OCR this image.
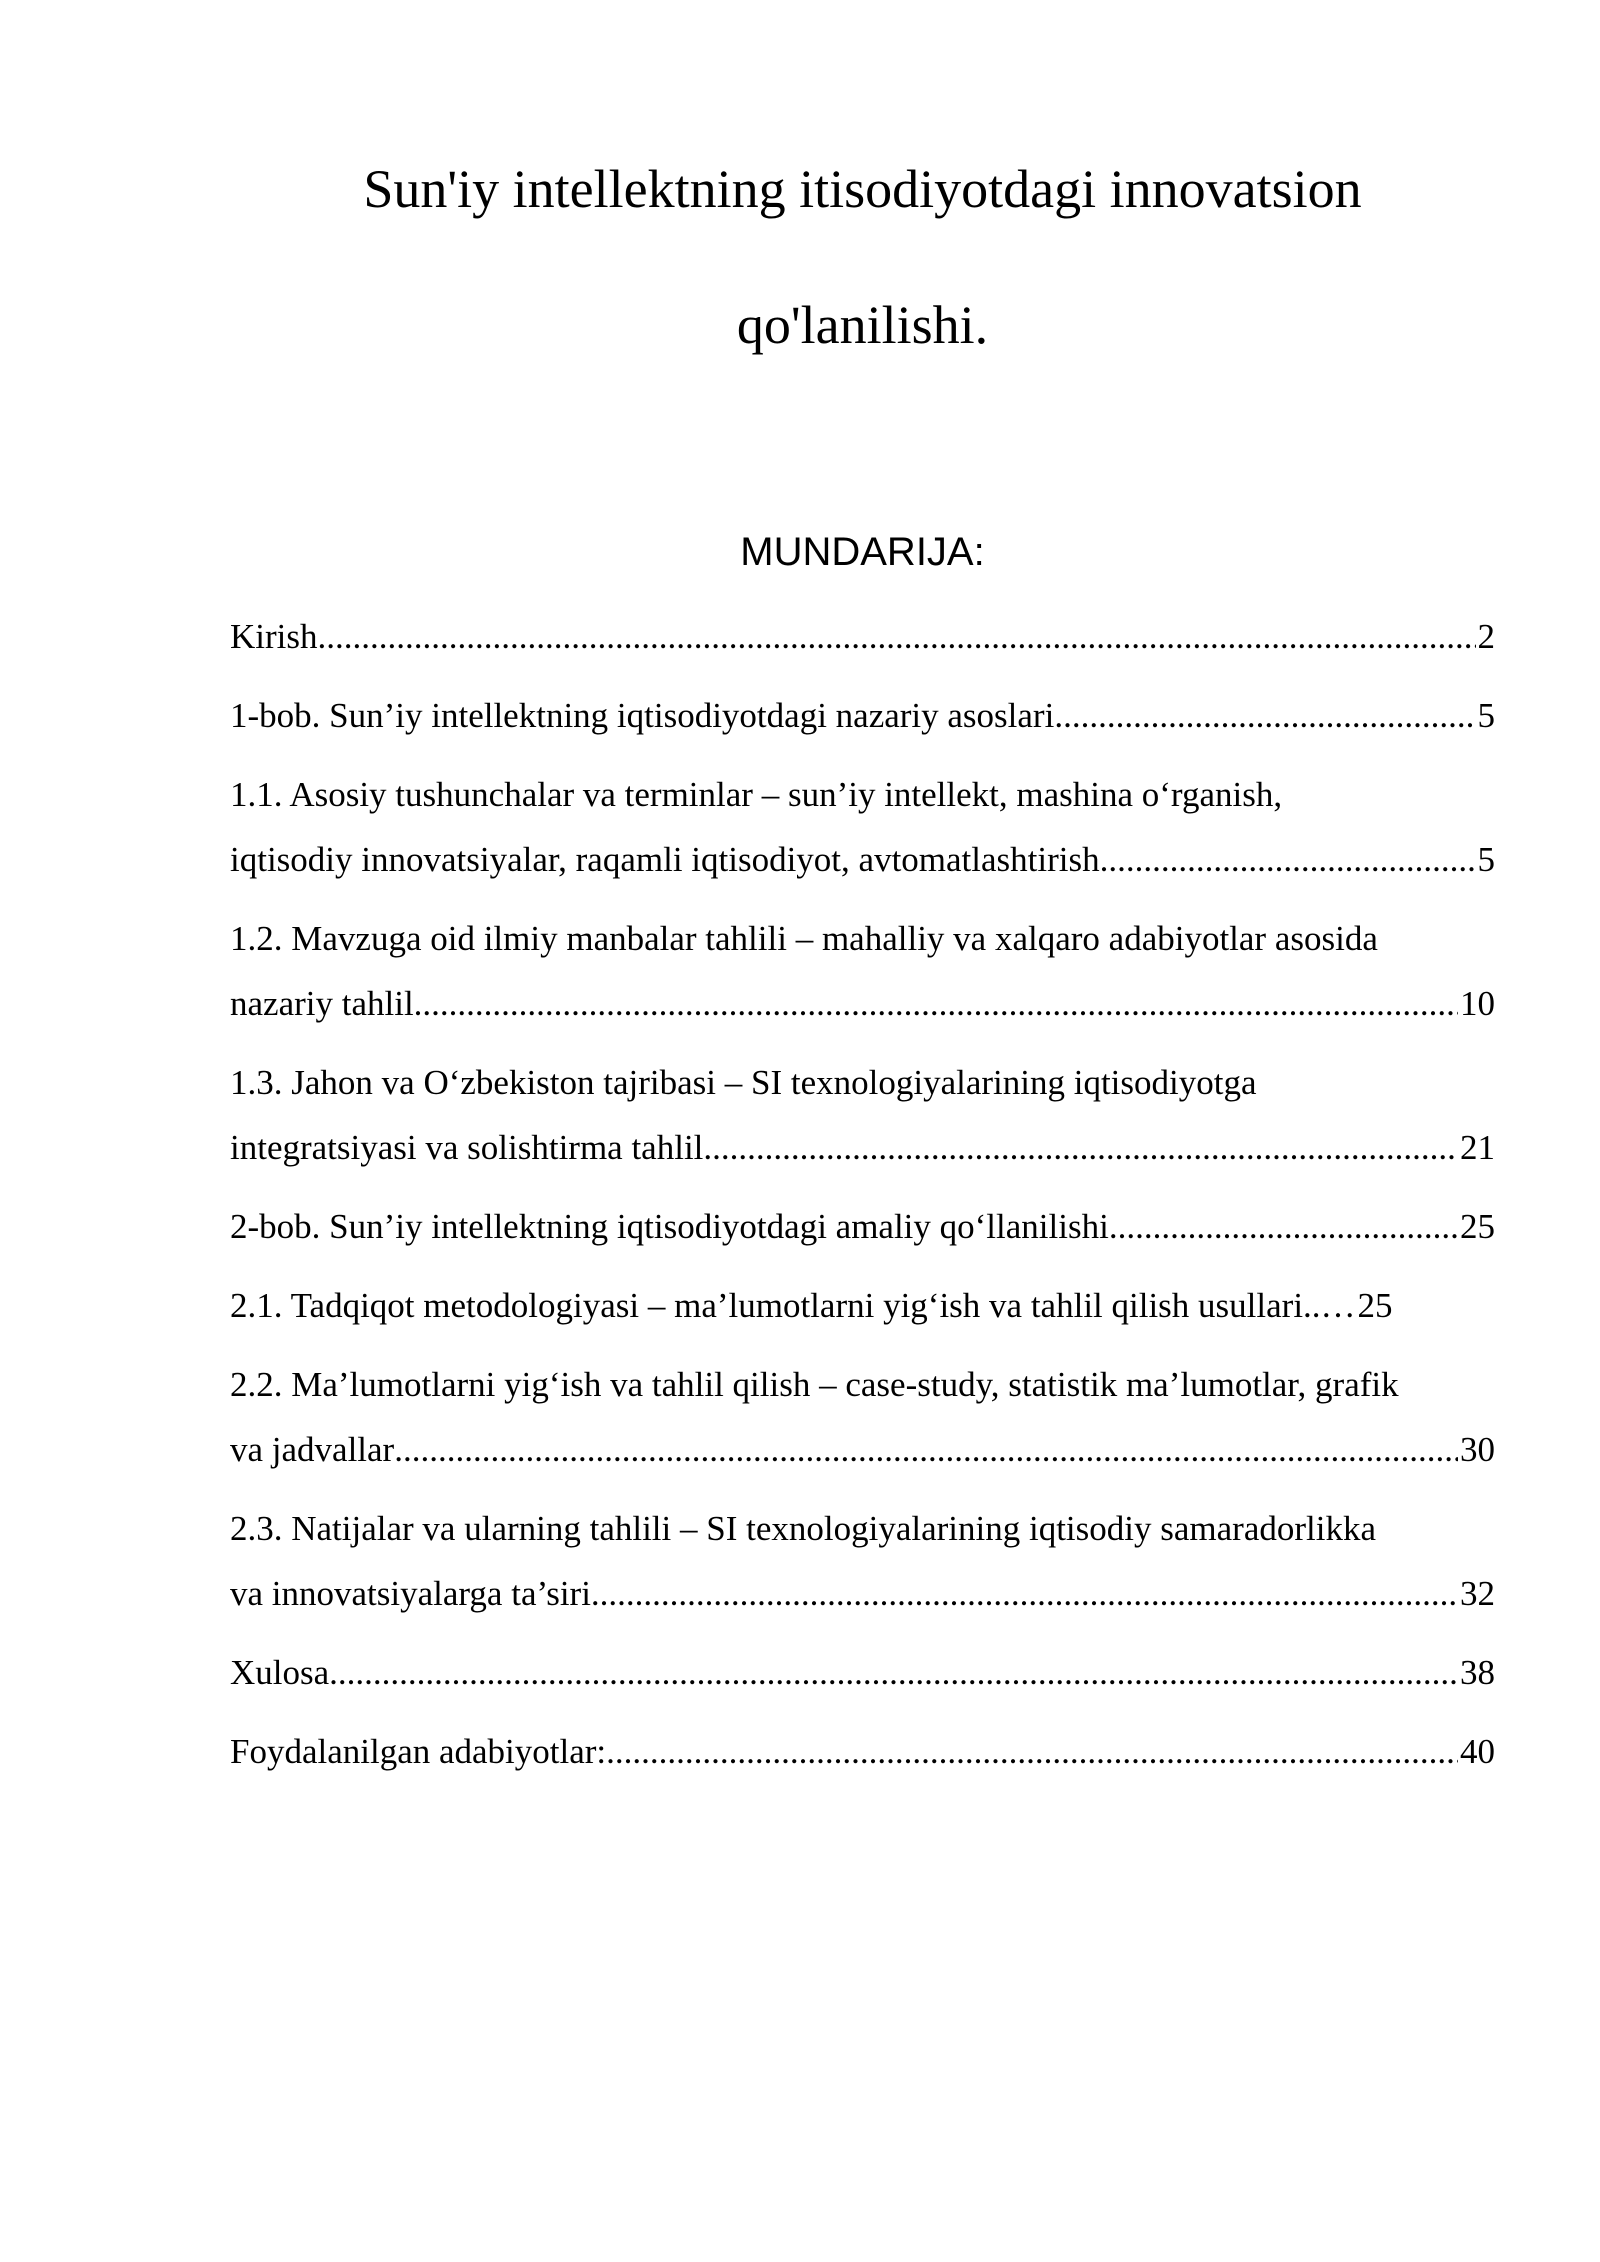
Sun'iy intellektning itisodiyotdagi innovatsion
qo'lanilishi.
MUNDARIJA:
Kirish .....	2
1-bob. Sun’iy intellektning iqtisodiyotdagi nazariy asoslari .....	5
1.1. Asosiy tushunchalar va terminlar – sun’iy intellekt, mashina o‘rganish,
iqtisodiy innovatsiyalar, raqamli iqtisodiyot, avtomatlashtirish .....	5
1.2. Mavzuga oid ilmiy manbalar tahlili – mahalliy va xalqaro adabiyotlar asosida
nazariy tahlil .....	10
1.3. Jahon va O‘zbekiston tajribasi – SI texnologiyalarining iqtisodiyotga
integratsiyasi va solishtirma tahlil .....	21
2-bob. Sun’iy intellektning iqtisodiyotdagi amaliy qo‘llanilishi .....	25
2.1. Tadqiqot metodologiyasi – ma’lumotlarni yig‘ish va tahlil qilish usullari..… 25
2.2. Ma’lumotlarni yig‘ish va tahlil qilish – case-study, statistik ma’lumotlar, grafik
va jadvallar .....	30
2.3. Natijalar va ularning tahlili – SI texnologiyalarining iqtisodiy samaradorlikka
va innovatsiyalarga ta’siri .....	32
Xulosa .....	38
Foydalanilgan adabiyotlar: .....	40
